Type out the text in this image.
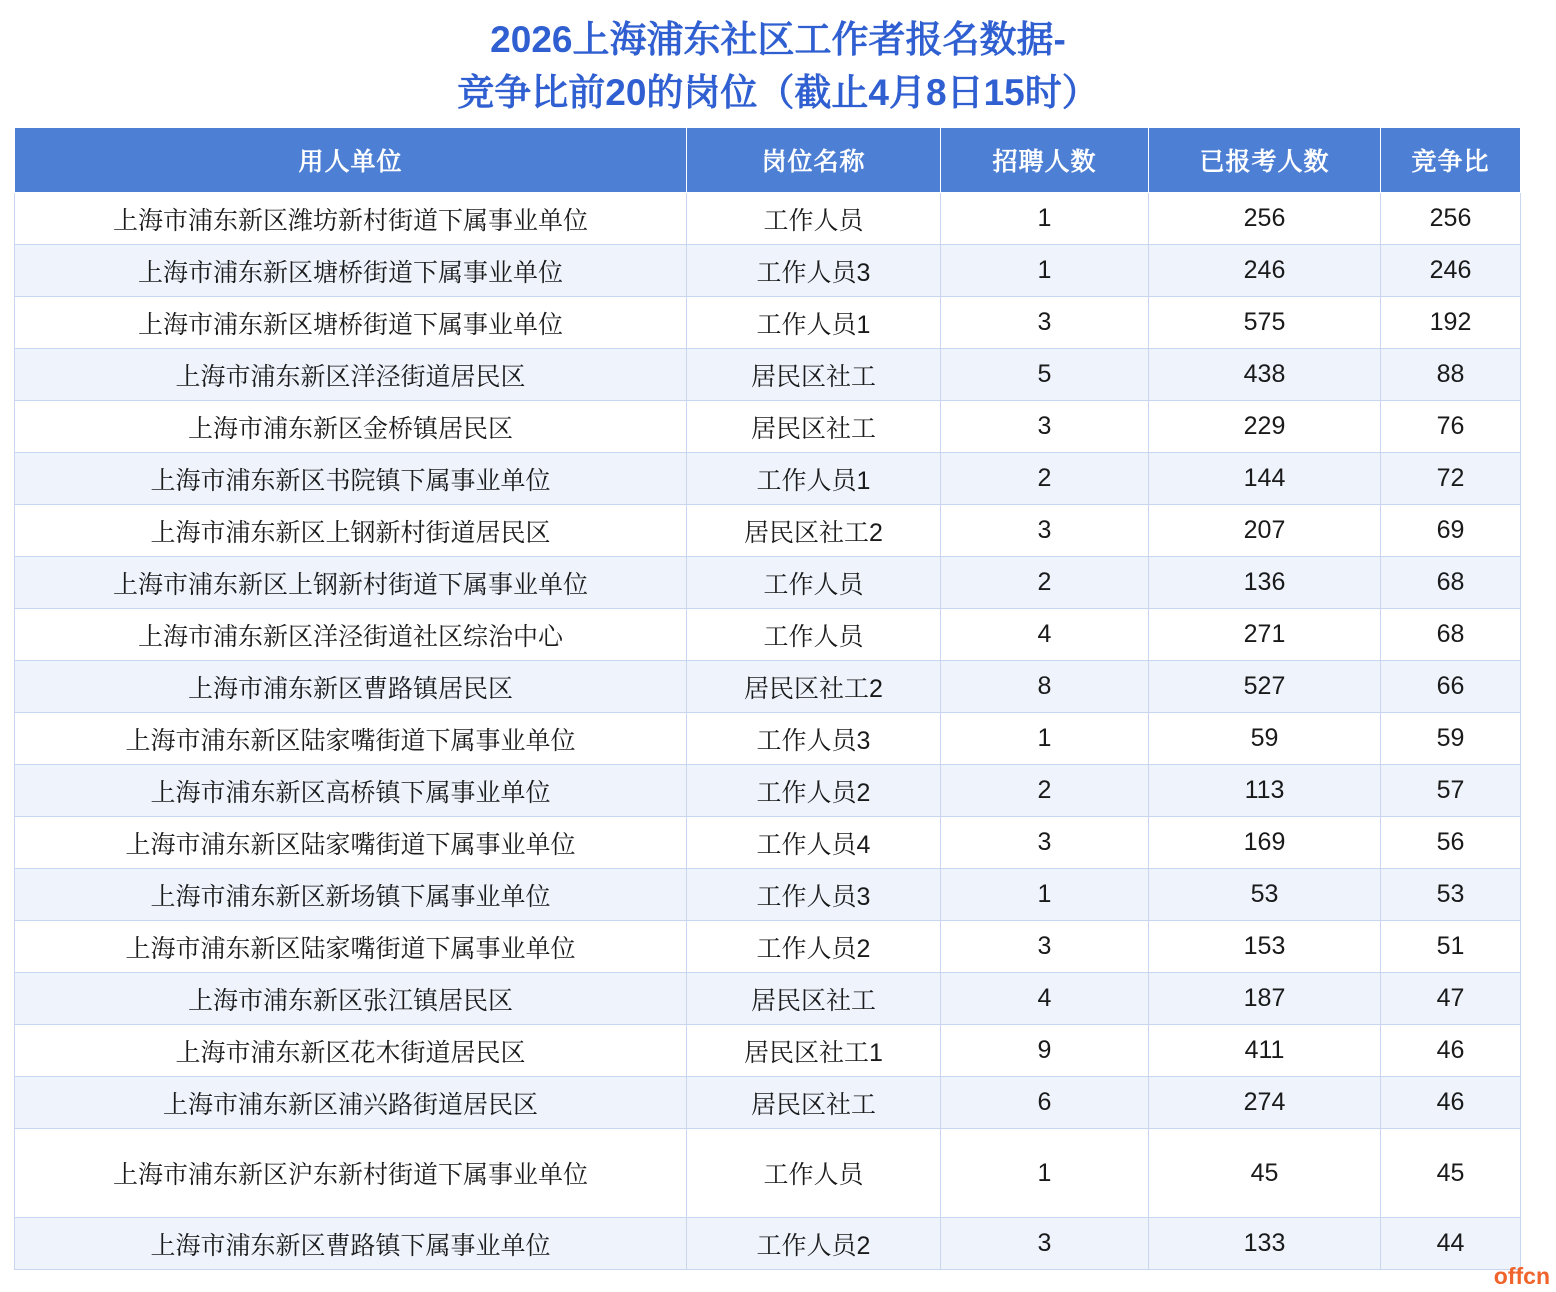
2026上海浦东社区工作者报名数据-
竞争比前20的岗位（截止4月8日15时）
用人单位	岗位名称	招聘人数	已报考人数	竞争比
上海市浦东新区潍坊新村街道下属事业单位	工作人员	1	256	256
上海市浦东新区塘桥街道下属事业单位	工作人员3	1	246	246
上海市浦东新区塘桥街道下属事业单位	工作人员1	3	575	192
上海市浦东新区洋泾街道居民区	居民区社工	5	438	88
上海市浦东新区金桥镇居民区	居民区社工	3	229	76
上海市浦东新区书院镇下属事业单位	工作人员1	2	144	72
上海市浦东新区上钢新村街道居民区	居民区社工2	3	207	69
上海市浦东新区上钢新村街道下属事业单位	工作人员	2	136	68
上海市浦东新区洋泾街道社区综治中心	工作人员	4	271	68
上海市浦东新区曹路镇居民区	居民区社工2	8	527	66
上海市浦东新区陆家嘴街道下属事业单位	工作人员3	1	59	59
上海市浦东新区高桥镇下属事业单位	工作人员2	2	113	57
上海市浦东新区陆家嘴街道下属事业单位	工作人员4	3	169	56
上海市浦东新区新场镇下属事业单位	工作人员3	1	53	53
上海市浦东新区陆家嘴街道下属事业单位	工作人员2	3	153	51
上海市浦东新区张江镇居民区	居民区社工	4	187	47
上海市浦东新区花木街道居民区	居民区社工1	9	411	46
上海市浦东新区浦兴路街道居民区	居民区社工	6	274	46
上海市浦东新区沪东新村街道下属事业单位	工作人员	1	45	45
上海市浦东新区曹路镇下属事业单位	工作人员2	3	133	44
offcn
